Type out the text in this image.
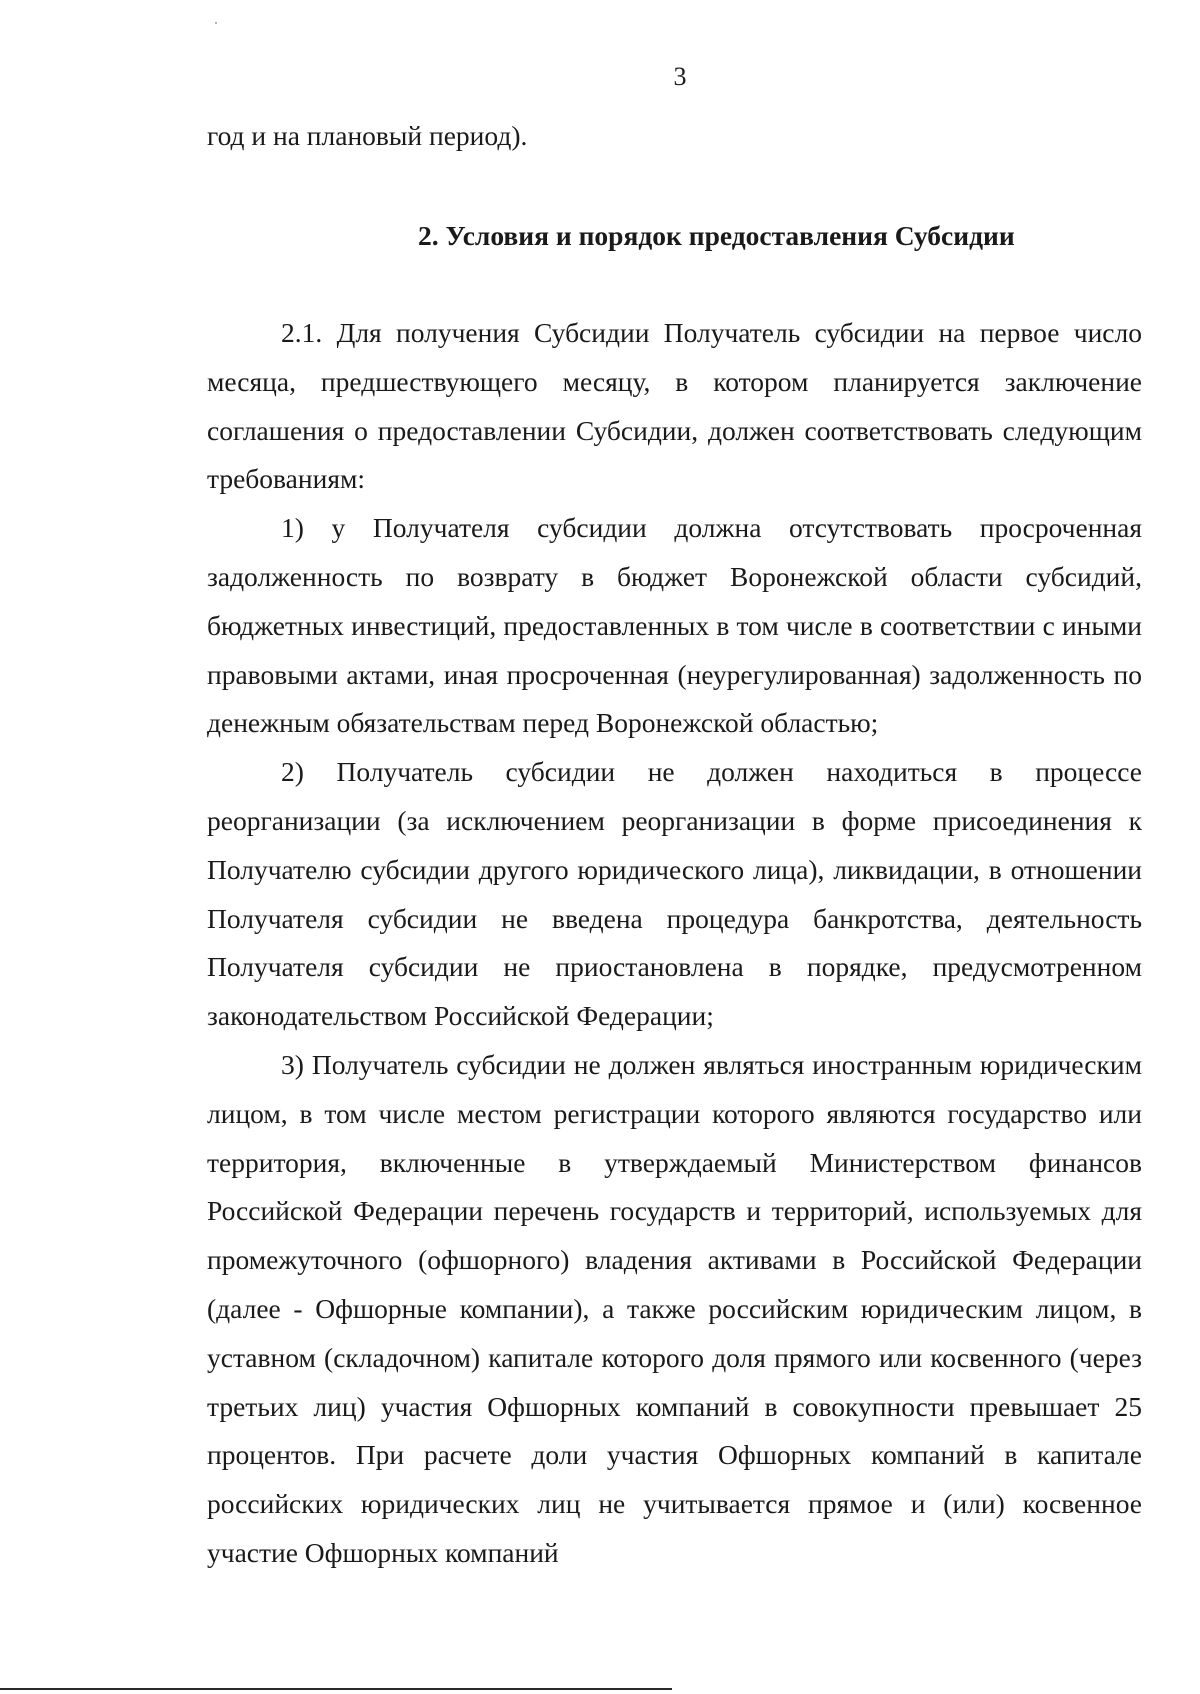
3
год и на плановый период).
2. Условия и порядок предоставления Субсидии

2.1. Для получения Субсидии Получатель субсидии на первое число месяца, предшествующего месяцу, в котором планируется заключение соглашения о предоставлении Субсидии, должен соответствовать следующим требованиям:

1) у Получателя субсидии должна отсутствовать просроченная задолженность по возврату в бюджет Воронежской области субсидий, бюджетных инвестиций, предоставленных в том числе в соответствии с иными правовыми актами, иная просроченная (неурегулированная) задолженность по денежным обязательствам перед Воронежской областью;

2) Получатель субсидии не должен находиться в процессе реорганизации (за исключением реорганизации в форме присоединения к Получателю субсидии другого юридического лица), ликвидации, в отношении Получателя субсидии не введена процедура банкротства, деятельность Получателя субсидии не приостановлена в порядке, предусмотренном законодательством Российской Федерации;

3) Получатель субсидии не должен являться иностранным юридическим лицом, в том числе местом регистрации которого являются государство или территория, включенные в утверждаемый Министерством финансов Российской Федерации перечень государств и территорий, используемых для промежуточного (офшорного) владения активами в Российской Федерации (далее - Офшорные компании), а также российским юридическим лицом, в уставном (складочном) капитале которого доля прямого или косвенного (через третьих лиц) участия Офшорных компаний в совокупности превышает 25 процентов. При расчете доли участия Офшорных компаний в капитале российских юридических лиц не учитывается прямое и (или) косвенное участие Офшорных компаний
